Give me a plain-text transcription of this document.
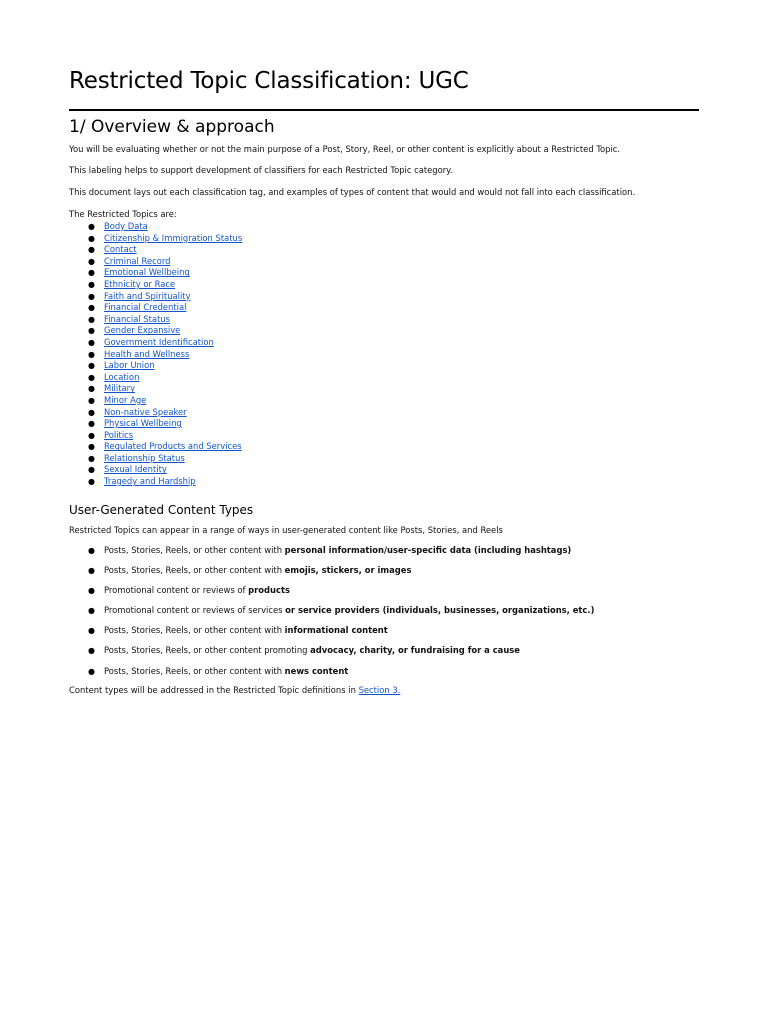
Restricted Topic Classification: UGC
1/ Overview & approach

You will be evaluating whether or not the main purpose of a Post, Story, Reel, or other content is explicitly about a Restricted Topic.

This labeling helps to support development of classifiers for each Restricted Topic category.

This document lays out each classification tag, and examples of types of content that would and would not fall into each classification.

The Restricted Topics are:

● Body Data
● Citizenship & Immigration Status
● Contact
● Criminal Record
● Emotional Wellbeing
● Ethnicity or Race
● Faith and Spirituality
● Financial Credential
● Financial Status
● Gender Expansive
● Government Identification
● Health and Wellness
● Labor Union
● Location
● Military
● Minor Age
● Non-native Speaker
● Physical Wellbeing
● Politics
● Regulated Products and Services
● Relationship Status
● Sexual Identity
● Tragedy and Hardship
User-Generated Content Types

Restricted Topics can appear in a range of ways in user-generated content like Posts, Stories, and Reels

● Posts, Stories, Reels, or other content with personal information/user-specific data (including hashtags)
● Posts, Stories, Reels, or other content with emojis, stickers, or images
● Promotional content or reviews of products
● Promotional content or reviews of services or service providers (individuals, businesses, organizations, etc.)
● Posts, Stories, Reels, or other content with informational content
● Posts, Stories, Reels, or other content promoting advocacy, charity, or fundraising for a cause
● Posts, Stories, Reels, or other content with news content

Content types will be addressed in the Restricted Topic definitions in Section 3.
